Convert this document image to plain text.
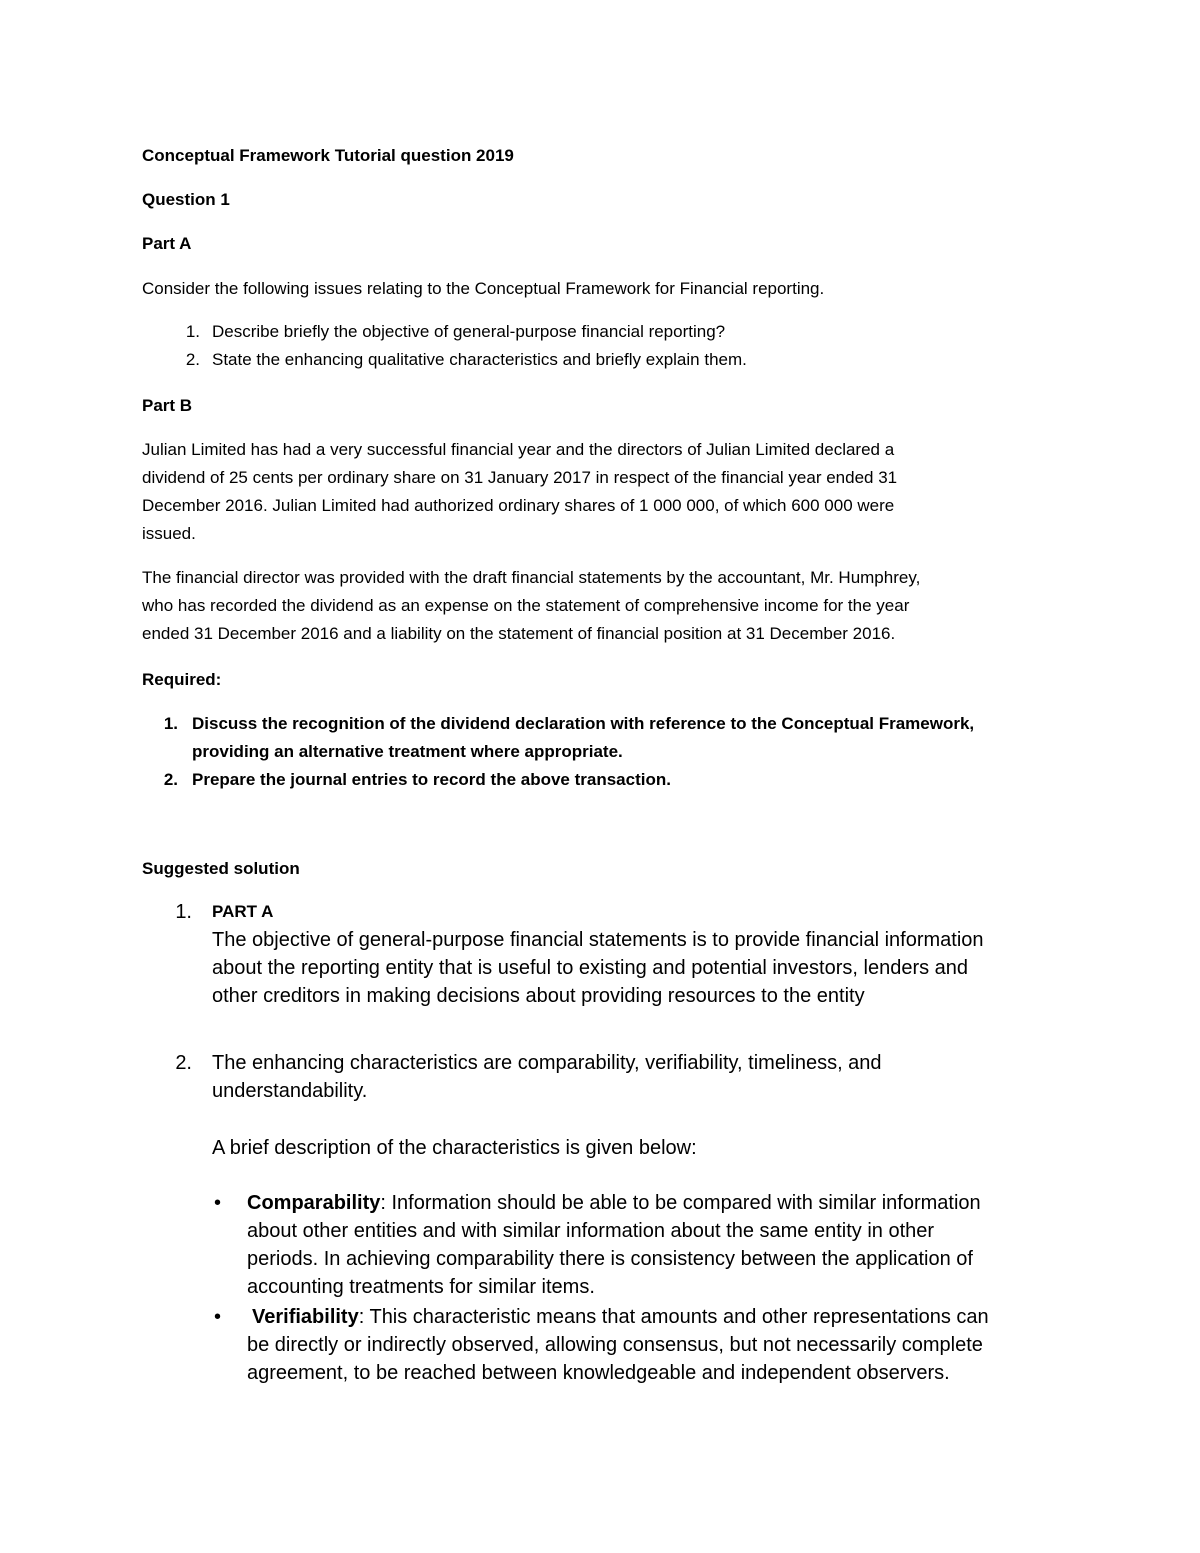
Conceptual Framework Tutorial question 2019
Question 1
Part A
Consider the following issues relating to the Conceptual Framework for Financial reporting.
1. Describe briefly the objective of general-purpose financial reporting?
2. State the enhancing qualitative characteristics and briefly explain them.
Part B
Julian Limited has had a very successful financial year and the directors of Julian Limited declared a
dividend of 25 cents per ordinary share on 31 January 2017 in respect of the financial year ended 31
December 2016. Julian Limited had authorized ordinary shares of 1 000 000, of which 600 000 were
issued.
The financial director was provided with the draft financial statements by the accountant, Mr. Humphrey,
who has recorded the dividend as an expense on the statement of comprehensive income for the year
ended 31 December 2016 and a liability on the statement of financial position at 31 December 2016.
Required:
1. Discuss the recognition of the dividend declaration with reference to the Conceptual Framework,
providing an alternative treatment where appropriate.
2. Prepare the journal entries to record the above transaction.
Suggested solution
1. PART A
The objective of general-purpose financial statements is to provide financial information
about the reporting entity that is useful to existing and potential investors, lenders and
other creditors in making decisions about providing resources to the entity
2. The enhancing characteristics are comparability, verifiability, timeliness, and
understandability.
A brief description of the characteristics is given below:
• Comparability: Information should be able to be compared with similar information
about other entities and with similar information about the same entity in other
periods. In achieving comparability there is consistency between the application of
accounting treatments for similar items.
• Verifiability: This characteristic means that amounts and other representations can
be directly or indirectly observed, allowing consensus, but not necessarily complete
agreement, to be reached between knowledgeable and independent observers.
